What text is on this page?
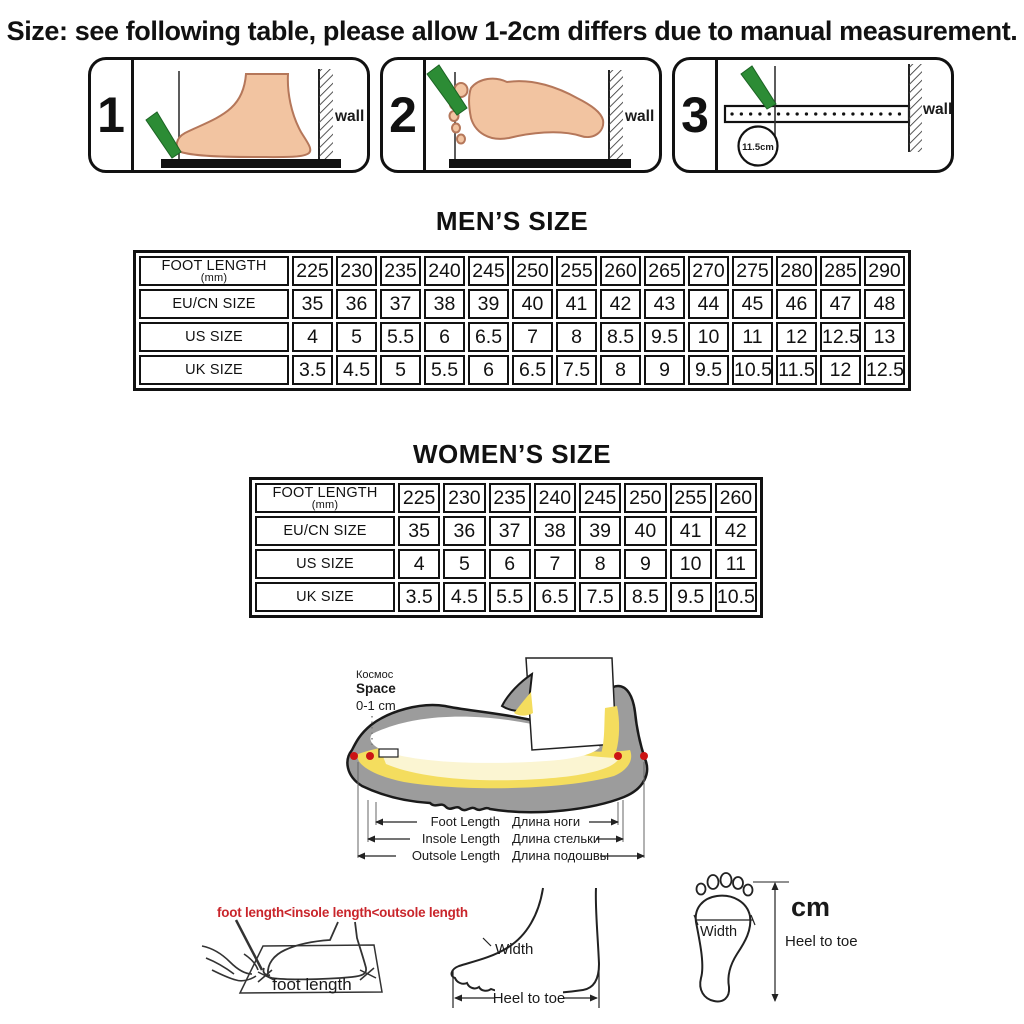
Size: see following table, please allow 1-2cm differs due to manual measurement.
1	wall 2	wall
11.5cm
wall
3
MEN’S SIZE
FOOT LENGTH
(mm)	225	230	235	240	245	250	255	260	265	270	275	280	285	290

EU/CN SIZE	35	36	37	38	39	40	41	42	43	44	45	46	47	48

US SIZE	4	5	5.5	6	6.5	7	8	8.5	9.5	10	11	12	12.5	13

UK SIZE	3.5	4.5	5	5.5	6	6.5	7.5	8	9	9.5	10.5	11.5	12	12.5
WOMEN’S SIZE
FOOT LENGTH
(mm)	225	230	235	240	245	250	255	260

EU/CN SIZE	35	36	37	38	39	40	41	42

US SIZE	4	5	6	7	8	9	10	11

UK SIZE	3.5	4.5	5.5	6.5	7.5	8.5	9.5	10.5
Космос
Space
0-1 cm
Foot Length Длина ноги
Insole Length Длина стельки
Outsole Length Длина подошвы
foot length<insole length<outsole length
foot length
Width
Heel to toe
Width
cm
Heel to toe
